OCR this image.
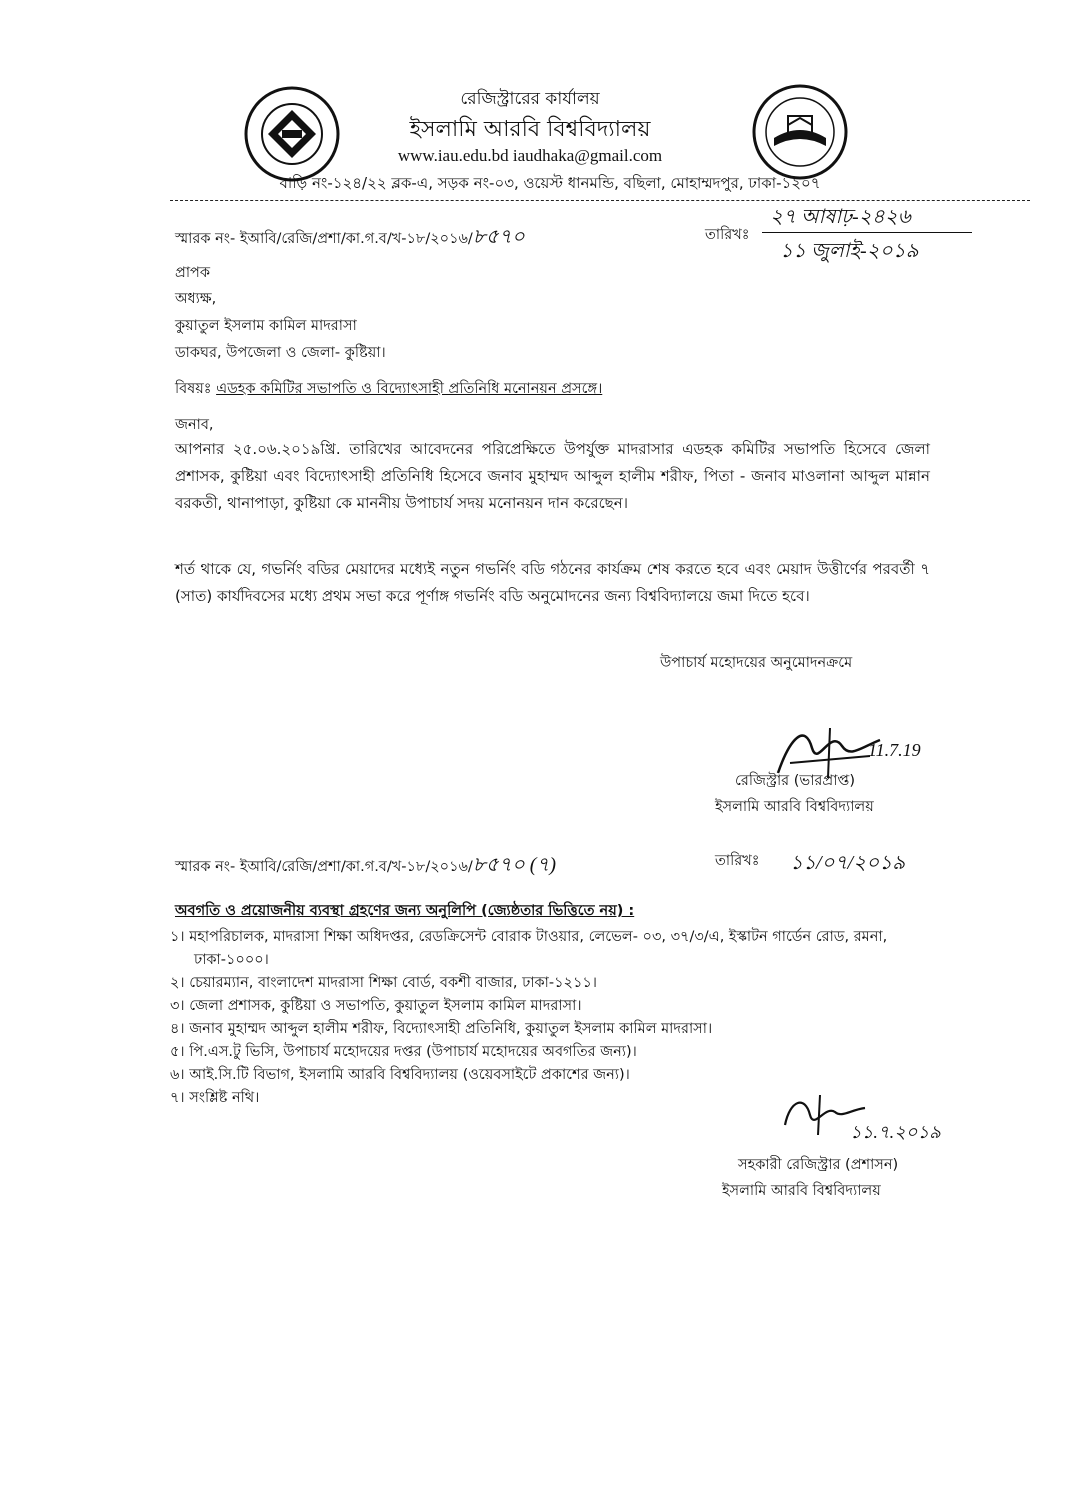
রেজিস্ট্রারের কার্যালয়
ইসলামি আরবি বিশ্ববিদ্যালয়
www.iau.edu.bd iaudhaka@gmail.com
বাড়ি নং-১২৪/২২ ব্লক-এ, সড়ক নং-০৩, ওয়েস্ট ধানমন্ডি, বছিলা, মোহাম্মদপুর, ঢাকা-১২০৭
স্মারক নং- ইআবি/রেজি/প্রশা/কা.গ.ব/খ-১৮/২০১৬/৮৫৭০	তারিখঃ
২৭ আষাঢ়-২৪২৬
১১ জুলাই-২০১৯
প্রাপক
অধ্যক্ষ,
কুয়াতুল ইসলাম কামিল মাদরাসা
ডাকঘর, উপজেলা ও জেলা- কুষ্টিয়া।
বিষয়ঃ এডহক কমিটির সভাপতি ও বিদ্যোৎসাহী প্রতিনিধি মনোনয়ন প্রসঙ্গে।
জনাব,
আপনার ২৫.০৬.২০১৯খ্রি. তারিখের আবেদনের পরিপ্রেক্ষিতে উপর্যুক্ত মাদরাসার এডহক কমিটির সভাপতি হিসেবে জেলা প্রশাসক, কুষ্টিয়া এবং বিদ্যোৎসাহী প্রতিনিধি হিসেবে জনাব মুহাম্মদ আব্দুল হালীম শরীফ, পিতা - জনাব মাওলানা আব্দুল মান্নান বরকতী, থানাপাড়া, কুষ্টিয়া কে মাননীয় উপাচার্য সদয় মনোনয়ন দান করেছেন।
শর্ত থাকে যে, গভর্নিং বডির মেয়াদের মধ্যেই নতুন গভর্নিং বডি গঠনের কার্যক্রম শেষ করতে হবে এবং মেয়াদ উত্তীর্ণের পরবর্তী ৭ (সাত) কার্যদিবসের মধ্যে প্রথম সভা করে পূর্ণাঙ্গ গভর্নিং বডি অনুমোদনের জন্য বিশ্ববিদ্যালয়ে জমা দিতে হবে।
উপাচার্য মহোদয়ের অনুমোদনক্রমে
11.7.19
রেজিস্ট্রার (ভারপ্রাপ্ত)
ইসলামি আরবি বিশ্ববিদ্যালয়
স্মারক নং- ইআবি/রেজি/প্রশা/কা.গ.ব/খ-১৮/২০১৬/৮৫৭০ (৭)	তারিখঃ ১১/০৭/২০১৯
অবগতি ও প্রয়োজনীয় ব্যবস্থা গ্রহণের জন্য অনুলিপি (জ্যেষ্ঠতার ভিত্তিতে নয়) :
১। মহাপরিচালক, মাদরাসা শিক্ষা অধিদপ্তর, রেডক্রিসেন্ট বোরাক টাওয়ার, লেভেল- ০৩, ৩৭/৩/এ, ইস্কাটন গার্ডেন রোড, রমনা, ঢাকা-১০০০।
২। চেয়ারম্যান, বাংলাদেশ মাদরাসা শিক্ষা বোর্ড, বকশী বাজার, ঢাকা-১২১১।
৩। জেলা প্রশাসক, কুষ্টিয়া ও সভাপতি, কুয়াতুল ইসলাম কামিল মাদরাসা।
৪। জনাব মুহাম্মদ আব্দুল হালীম শরীফ, বিদ্যোৎসাহী প্রতিনিধি, কুয়াতুল ইসলাম কামিল মাদরাসা।
৫। পি.এস.টু ভিসি, উপাচার্য মহোদয়ের দপ্তর (উপাচার্য মহোদয়ের অবগতির জন্য)।
৬। আই.সি.টি বিভাগ, ইসলামি আরবি বিশ্ববিদ্যালয় (ওয়েবসাইটে প্রকাশের জন্য)।
৭। সংশ্লিষ্ট নথি।
১১.৭.২০১৯
সহকারী রেজিস্ট্রার (প্রশাসন)
ইসলামি আরবি বিশ্ববিদ্যালয়
